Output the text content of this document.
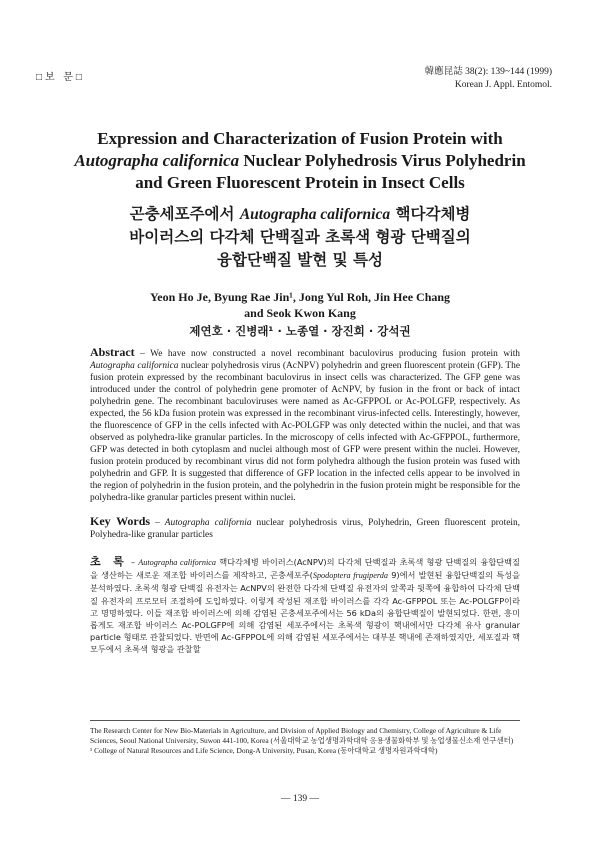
□보 문□	韓應昆誌 38(2): 139~144 (1999)
Korean J. Appl. Entomol.
Expression and Characterization of Fusion Protein with
Autographa californica Nuclear Polyhedrosis Virus Polyhedrin
and Green Fluorescent Protein in Insect Cells
곤충세포주에서 Autographa californica 핵다각체병
바이러스의 다각체 단백질과 초록색 형광 단백질의
융합단백질 발현 및 특성
Yeon Ho Je, Byung Rae Jin¹, Jong Yul Roh, Jin Hee Chang
and Seok Kwon Kang
제연호 · 진병래¹ · 노종열 · 장진희 · 강석권
Abstract – We have now constructed a novel recombinant baculovirus producing fusion protein with Autographa californica nuclear polyhedrosis virus (AcNPV) polyhedrin and green fluorescent protein (GFP). The fusion protein expressed by the recombinant baculovirus in insect cells was characterized. The GFP gene was introduced under the control of polyhedrin gene promoter of AcNPV, by fusion in the front or back of intact polyhedrin gene. The recombinant baculoviruses were named as Ac-GFPPOL or Ac-POLGFP, respectively. As expected, the 56 kDa fusion protein was expressed in the recombinant virus-infected cells. Interestingly, however, the fluorescence of GFP in the cells infected with Ac-POLGFP was only detected within the nuclei, and that was observed as polyhedra-like granular particles. In the microscopy of cells infected with Ac-GFPPOL, furthermore, GFP was detected in both cytoplasm and nuclei although most of GFP were present within the nuclei. However, fusion protein produced by recombinant virus did not form polyhedra although the fusion protein was fused with polyhedrin and GFP. It is suggested that difference of GFP location in the infected cells appear to be involved in the region of polyhedrin in the fusion protein, and the polyhedrin in the fusion protein might be responsible for the polyhedra-like granular particles present within nuclei.
Key Words – Autographa california nuclear polyhedrosis virus, Polyhedrin, Green fluorescent protein, Polyhedra-like granular particles
초 록 – Autographa californica 핵다각체병 바이러스(AcNPV)의 다각체 단백질과 초록색 형광 단백질의 융합단백질을 생산하는 새로운 재조합 바이러스를 제작하고, 곤충세포주(Spodoptera frugiperda 9)에서 발현된 융합단백질의 특성을 분석하였다. 초록색 형광 단백질 유전자는 AcNPV의 완전한 다각체 단백질 유전자의 앞쪽과 뒷쪽에 융합하여 다각체 단백질 유전자의 프로모터 조절하에 도입하였다. 이렇게 작성된 재조합 바이러스를 각각 Ac-GFPPOL 또는 Ac-POLGFP이라고 명명하였다. 이들 재조합 바이러스에 의해 감염된 곤충세포주에서는 56 kDa의 융합단백질이 발현되었다. 한편, 흥미롭게도 재조합 바이러스 Ac-POLGFP에 의해 감염된 세포주에서는 초록색 형광이 핵내에서만 다각체 유사 granular particle 형태로 관찰되었다. 반면에 Ac-GFPPOL에 의해 감염된 세포주에서는 대부분 핵내에 존재하였지만, 세포질과 핵 모두에서 초록색 형광을 관찰할
The Research Center for New Bio-Materials in Agriculture, and Division of Applied Biology and Chemistry, College of Agriculture & Life Sciences, Seoul National University, Suwon 441-100, Korea (서울대학교 농업생명과학대학 응용생물화학부 및 농업생물신소재 연구센터)
¹ College of Natural Resources and Life Science, Dong-A University, Pusan, Korea (동아대학교 생명자원과학대학)
— 139 —
